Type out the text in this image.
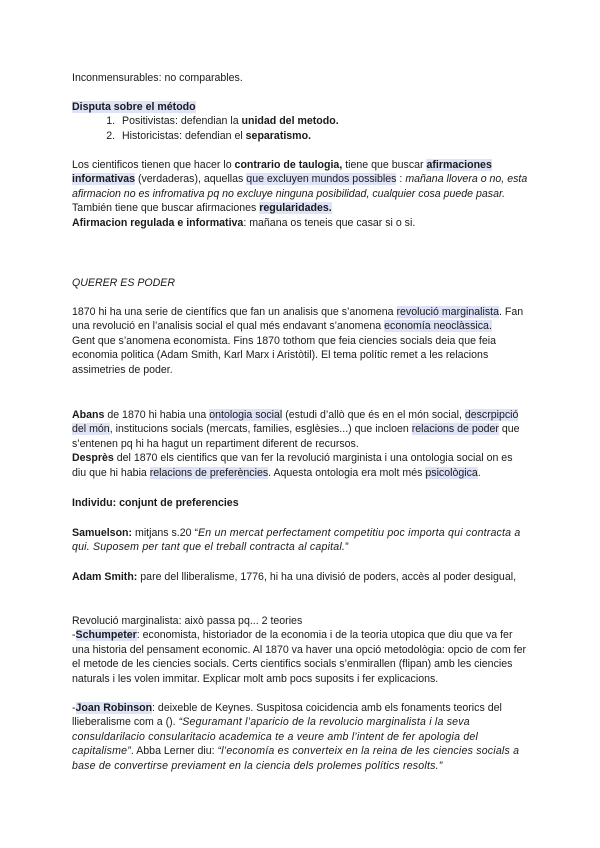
Inconmensurables: no comparables.

Disputa sobre el método

1. Positivistas: defendian la unidad del metodo.
2. Historicistas: defendian el separatismo.

Los cientificos tienen que hacer lo contrario de taulogia, tiene que buscar afirmaciones informativas (verdaderas), aquellas que excluyen mundos possibles : mañana llovera o no, esta afirmacion no es infromativa pq no excluye ninguna posibilidad, cualquier cosa puede pasar.

También tiene que buscar afirmaciones regularidades.

Afirmacion regulada e informativa: mañana os teneis que casar si o si.

QUERER ES PODER

1870 hi ha una serie de científics que fan un analisis que s’anomena revolució marginalista. Fan una revolució en l’analisis social el qual més endavant s’anomena economía neoclàssica.

Gent que s’anomena economista. Fins 1870 tothom que feia ciencies socials deia que feia economia politica (Adam Smith, Karl Marx i Aristòtil). El tema polític remet a les relacions assimetries de poder.

Abans de 1870 hi habia una ontologia social (estudi d’allò que és en el món social, descrpipció del món, institucions socials (mercats, families, esglèsies...) que incloen relacions de poder que s’entenen pq hi ha hagut un repartiment diferent de recursos.

Desprès del 1870 els cientifics que van fer la revolució marginista i una ontologia social on es diu que hi habia relacions de preferències. Aquesta ontologia era molt més psicològica.

Individu: conjunt de preferencies

Samuelson: mitjans s.20 “En un mercat perfectament competitiu poc importa qui contracta a qui. Suposem per tant que el treball contracta al capital.”

Adam Smith: pare del lliberalisme, 1776, hi ha una divisió de poders, accès al poder desigual,

Revolució marginalista: això passa pq... 2 teories

-Schumpeter: economista, historiador de la economia i de la teoria utopica que diu que va fer una historia del pensament economic. Al 1870 va haver una opció metodològia: opcio de com fer el metode de les ciencies socials. Certs cientifics socials s’enmirallen (flipan) amb les ciencies naturals i les volen immitar. Explicar molt amb pocs suposits i fer explicacions.

-Joan Robinson: deixeble de Keynes. Suspitosa coicidencia amb els fonaments teorics del llieberalisme com a (). “Seguramant l’aparicio de la revolucio marginalista i la seva consuldarilacio consularitacio academica te a veure amb l’intent de fer apologia del capitalisme”. Abba Lerner diu: “l’economía es converteix en la reina de les ciencies socials a base de convertirse previament en la ciencia dels prolemes polítics resolts.”
